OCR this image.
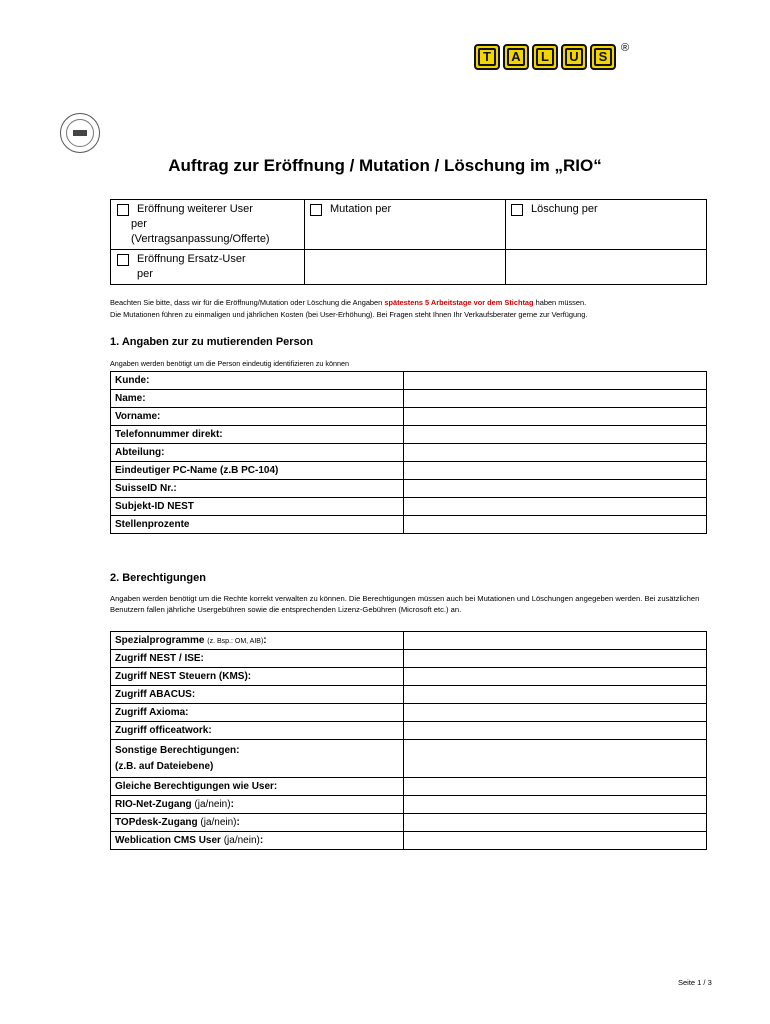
T	A	L	U	S
®
Auftrag zur Eröffnung / Mutation / Löschung im „RIO“
Eröffnung weiterer User
per
(Vertragsanpassung/Offerte)
Mutation per	Löschung per
Eröffnung Ersatz-User
per
Beachten Sie bitte, dass wir für die Eröffnung/Mutation oder Löschung die Angaben spätestens 5 Arbeitstage vor dem Stichtag haben müssen.
Die Mutationen führen zu einmaligen und jährlichen Kosten (bei User-Erhöhung). Bei Fragen steht Ihnen Ihr Verkaufsberater gerne zur Verfügung.
1. Angaben zur zu mutierenden Person
Angaben werden benötigt um die Person eindeutig identifizieren zu können
Kunde:	
Name:	
Vorname:	
Telefonnummer direkt:	
Abteilung:	
Eindeutiger PC-Name (z.B PC-104)	
SuisseID Nr.:	
Subjekt-ID NEST	
Stellenprozente	
2. Berechtigungen
Angaben werden benötigt um die Rechte korrekt verwalten zu können. Die Berechtigungen müssen auch bei Mutationen und Löschungen angegeben werden. Bei zusätzlichen Benutzern fallen jährliche Usergebühren sowie die entsprechenden Lizenz-Gebühren (Microsoft etc.) an.
Spezialprogramme (z. Bsp.: OM, AIB):	
Zugriff NEST / ISE:	
Zugriff NEST Steuern (KMS):	
Zugriff ABACUS:	
Zugriff Axioma:	
Zugriff officeatwork:	

Sonstige Berechtigungen:
(z.B. auf Dateiebene)	

Gleiche Berechtigungen wie User:	
RIO-Net-Zugang (ja/nein):	
TOPdesk-Zugang (ja/nein):	
Weblication CMS User (ja/nein):	
Seite 1 / 3
